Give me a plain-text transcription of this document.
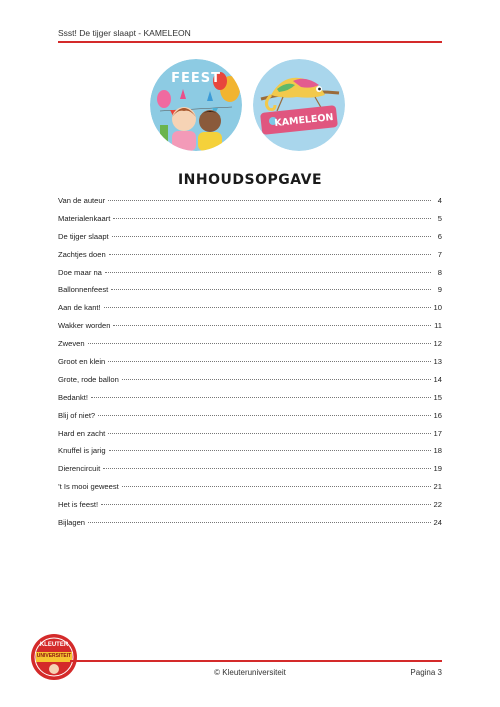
Ssst! De tijger slaapt - KAMELEON
FEEST
KAMELEON
INHOUDSOPGAVE
Van de auteur	4
Materialenkaart	5
De tijger slaapt	6
Zachtjes doen	7
Doe maar na	8
Ballonnenfeest	9
Aan de kant!	10
Wakker worden	11
Zweven	12
Groot en klein	13
Grote, rode ballon	14
Bedankt!	15
Blij of niet?	16
Hard en zacht	17
Knuffel is jarig	18
Dierencircuit	19
’t Is mooi geweest	21
Het is feest!	22
Bijlagen	24
KLEUTER
UNIVERSITEIT
© Kleuteruniversiteit	Pagina 3
